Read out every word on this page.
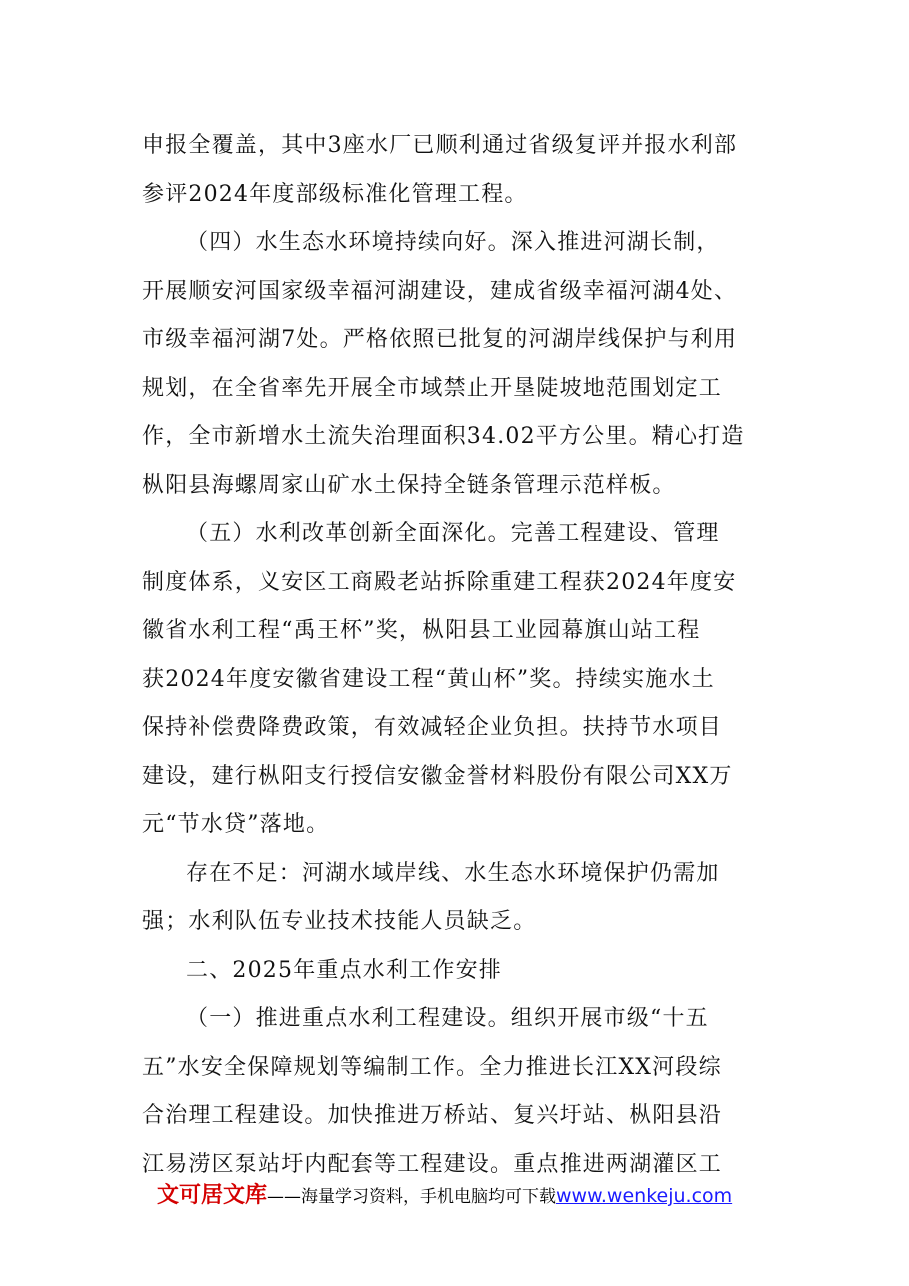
申报全覆盖，其中3座水厂已顺利通过省级复评并报水利部
参评2024年度部级标准化管理工程。
（四）水生态水环境持续向好。深入推进河湖长制，
开展顺安河国家级幸福河湖建设，建成省级幸福河湖4处、
市级幸福河湖7处。严格依照已批复的河湖岸线保护与利用
规划，在全省率先开展全市域禁止开垦陡坡地范围划定工
作，全市新增水土流失治理面积34.02平方公里。精心打造
枞阳县海螺周家山矿水土保持全链条管理示范样板。
（五）水利改革创新全面深化。完善工程建设、管理
制度体系，义安区工商殿老站拆除重建工程获2024年度安
徽省水利工程“禹王杯”奖，枞阳县工业园幕旗山站工程
获2024年度安徽省建设工程“黄山杯”奖。持续实施水土
保持补偿费降费政策，有效减轻企业负担。扶持节水项目
建设，建行枞阳支行授信安徽金誉材料股份有限公司XX万
元“节水贷”落地。
存在不足：河湖水域岸线、水生态水环境保护仍需加
强；水利队伍专业技术技能人员缺乏。
二、2025年重点水利工作安排
（一）推进重点水利工程建设。组织开展市级“十五
五”水安全保障规划等编制工作。全力推进长江XX河段综
合治理工程建设。加快推进万桥站、复兴圩站、枞阳县沿
江易涝区泵站圩内配套等工程建设。重点推进两湖灌区工
文可居文库——海量学习资料，手机电脑均可下载www.wenkeju.com
